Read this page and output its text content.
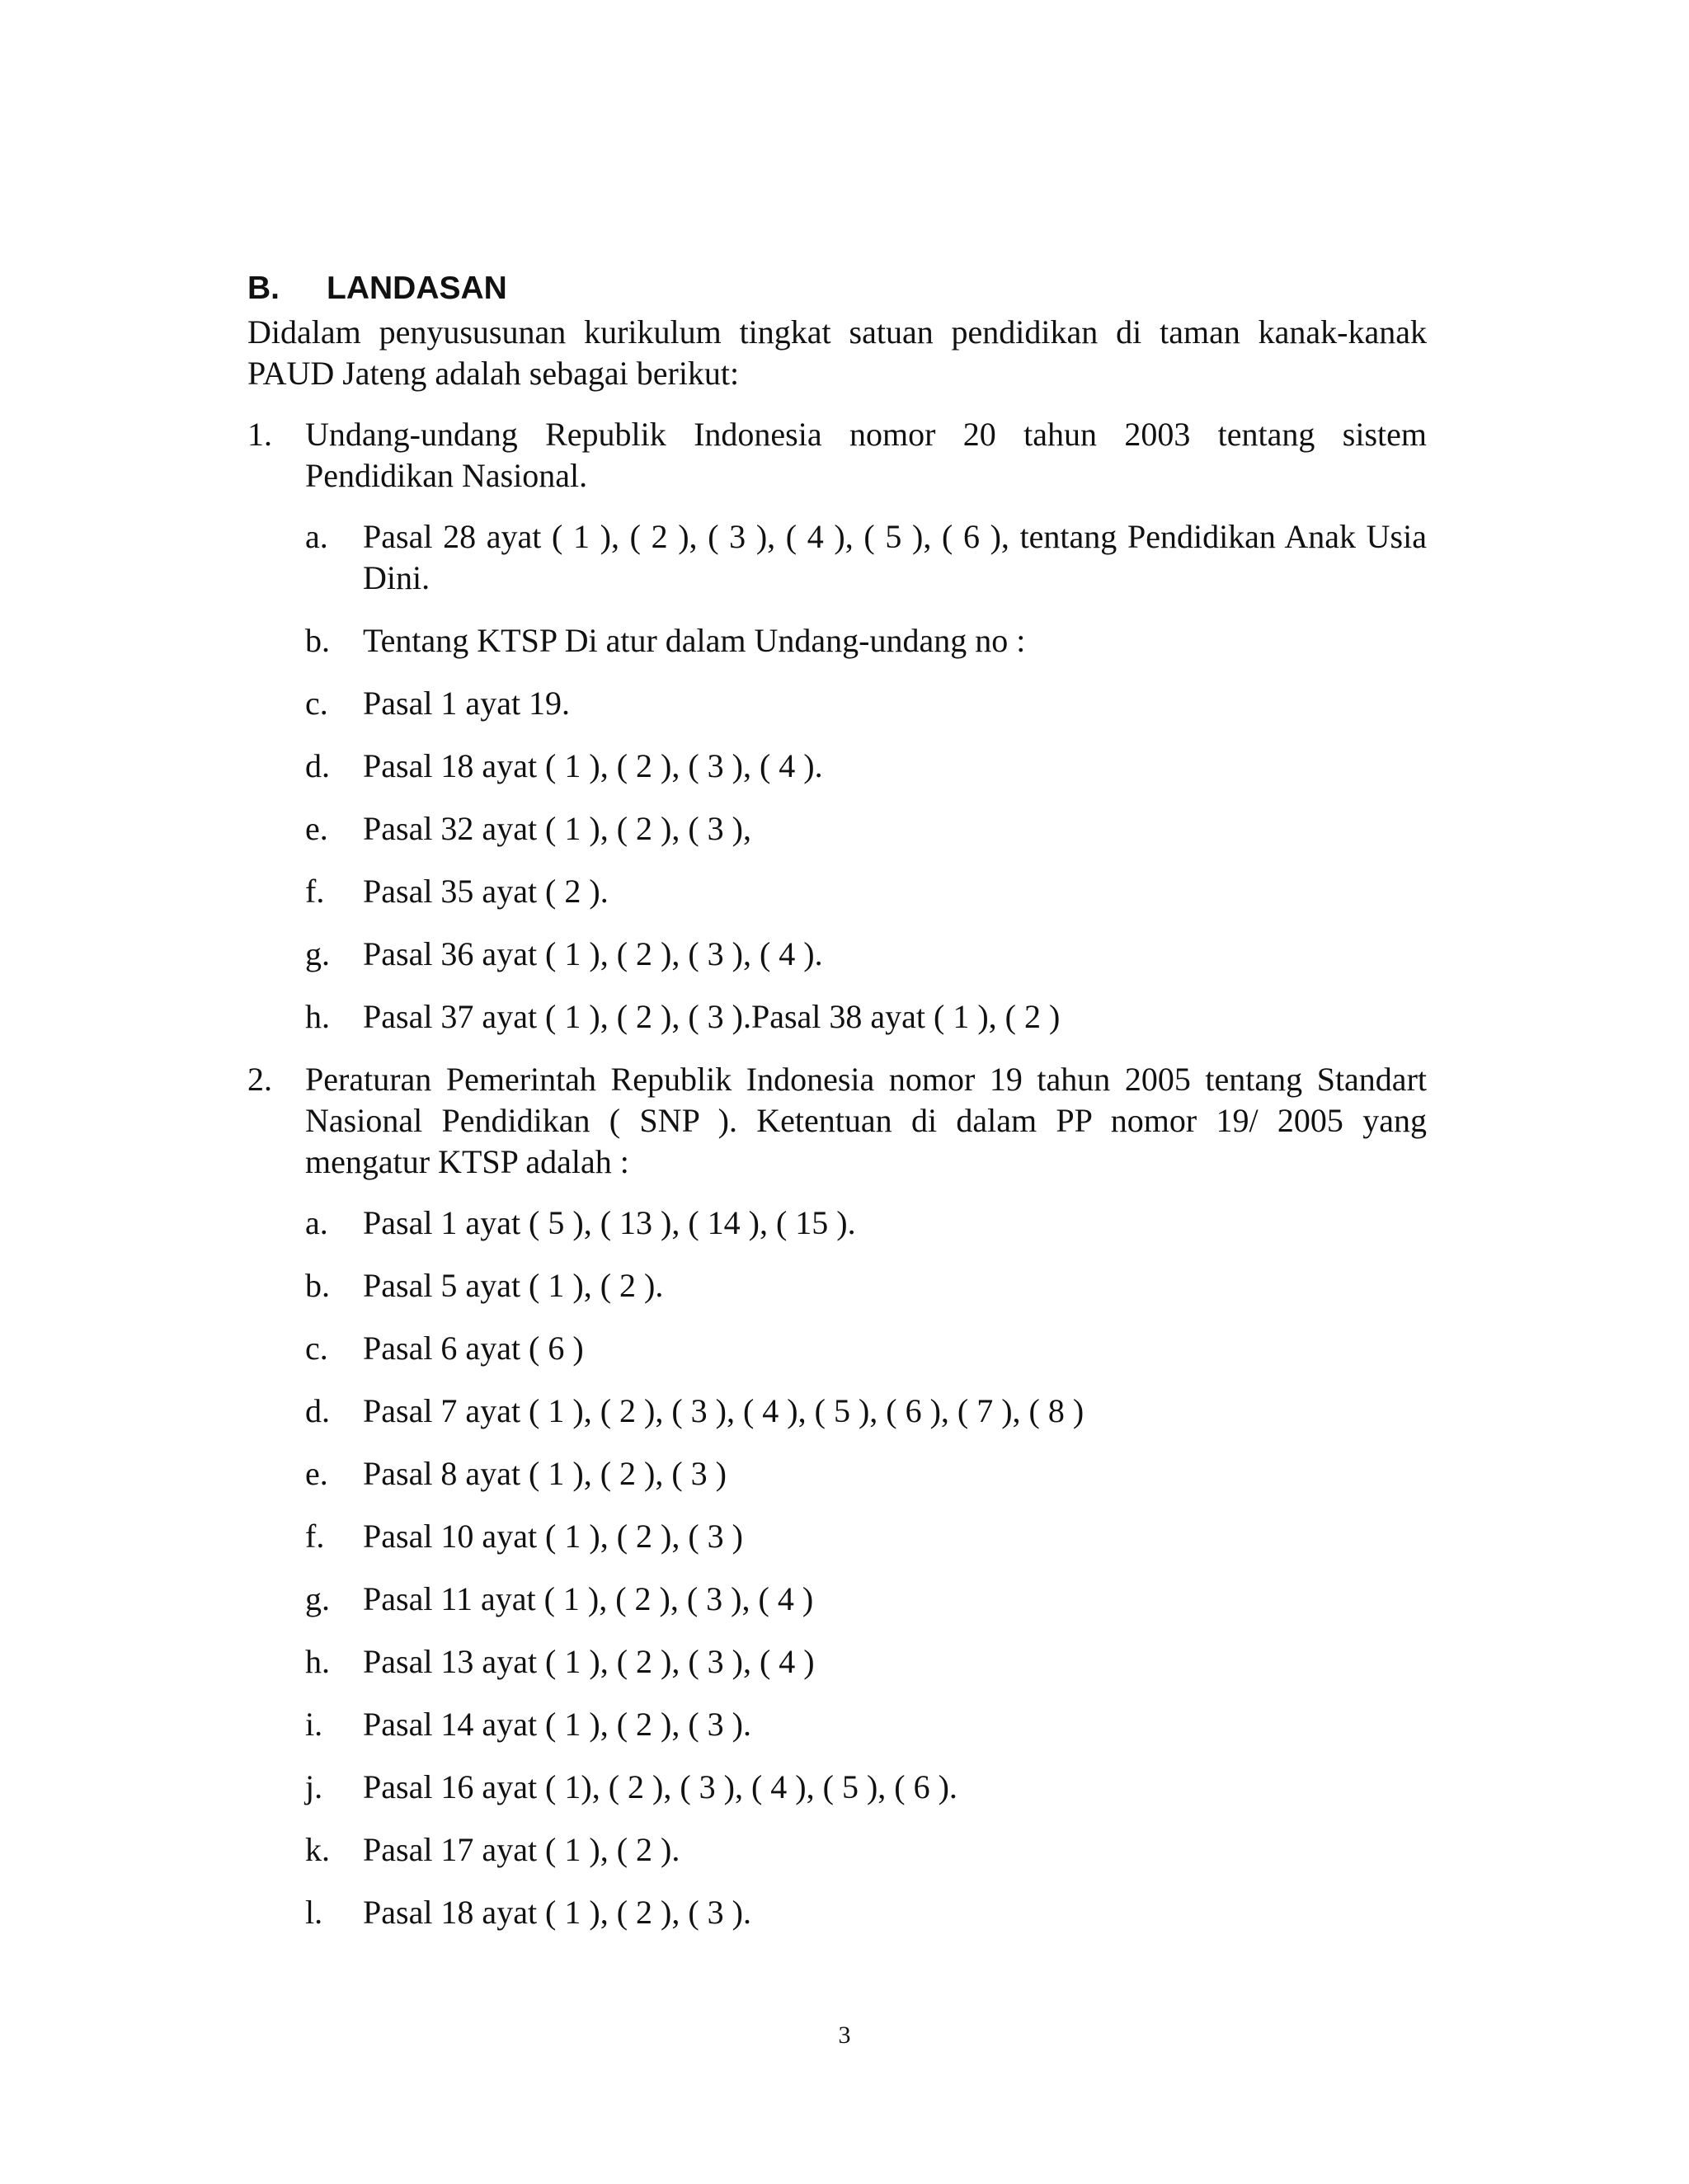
B.	LANDASAN

Didalam penyususunan kurikulum tingkat satuan pendidikan di taman kanak-kanak PAUD Jateng adalah sebagai berikut:

1.	Undang-undang Republik Indonesia nomor 20 tahun 2003 tentang sistem Pendidikan Nasional.
a.	Pasal 28 ayat ( 1 ), ( 2 ), ( 3 ), ( 4 ), ( 5 ), ( 6 ), tentang Pendidikan Anak Usia Dini.
b.	Tentang KTSP Di atur dalam Undang-undang no :
c.	Pasal 1 ayat 19.
d.	Pasal 18 ayat ( 1 ), ( 2 ), ( 3 ), ( 4 ).
e.	Pasal 32 ayat ( 1 ), ( 2 ), ( 3 ),
f.	Pasal 35 ayat ( 2 ).
g.	Pasal 36 ayat ( 1 ), ( 2 ), ( 3 ), ( 4 ).
h.	Pasal 37 ayat ( 1 ), ( 2 ), ( 3 ).Pasal 38 ayat ( 1 ), ( 2 )
2.	Peraturan Pemerintah Republik Indonesia nomor 19 tahun 2005 tentang Standart Nasional Pendidikan ( SNP ). Ketentuan di dalam PP nomor 19/ 2005 yang mengatur KTSP adalah :
a.	Pasal 1 ayat ( 5 ), ( 13 ), ( 14 ), ( 15 ).
b.	Pasal 5 ayat ( 1 ), ( 2 ).
c.	Pasal 6 ayat ( 6 )
d.	Pasal 7 ayat ( 1 ), ( 2 ), ( 3 ), ( 4 ), ( 5 ), ( 6 ), ( 7 ), ( 8 )
e.	Pasal 8 ayat ( 1 ), ( 2 ), ( 3 )
f.	Pasal 10 ayat ( 1 ), ( 2 ), ( 3 )
g.	Pasal 11 ayat ( 1 ), ( 2 ), ( 3 ), ( 4 )
h.	Pasal 13 ayat ( 1 ), ( 2 ), ( 3 ), ( 4 )
i.	Pasal 14 ayat ( 1 ), ( 2 ), ( 3 ).
j.	Pasal 16 ayat ( 1), ( 2 ), ( 3 ), ( 4 ), ( 5 ), ( 6 ).
k.	Pasal 17 ayat ( 1 ), ( 2 ).
l.	Pasal 18 ayat ( 1 ), ( 2 ), ( 3 ).
3
